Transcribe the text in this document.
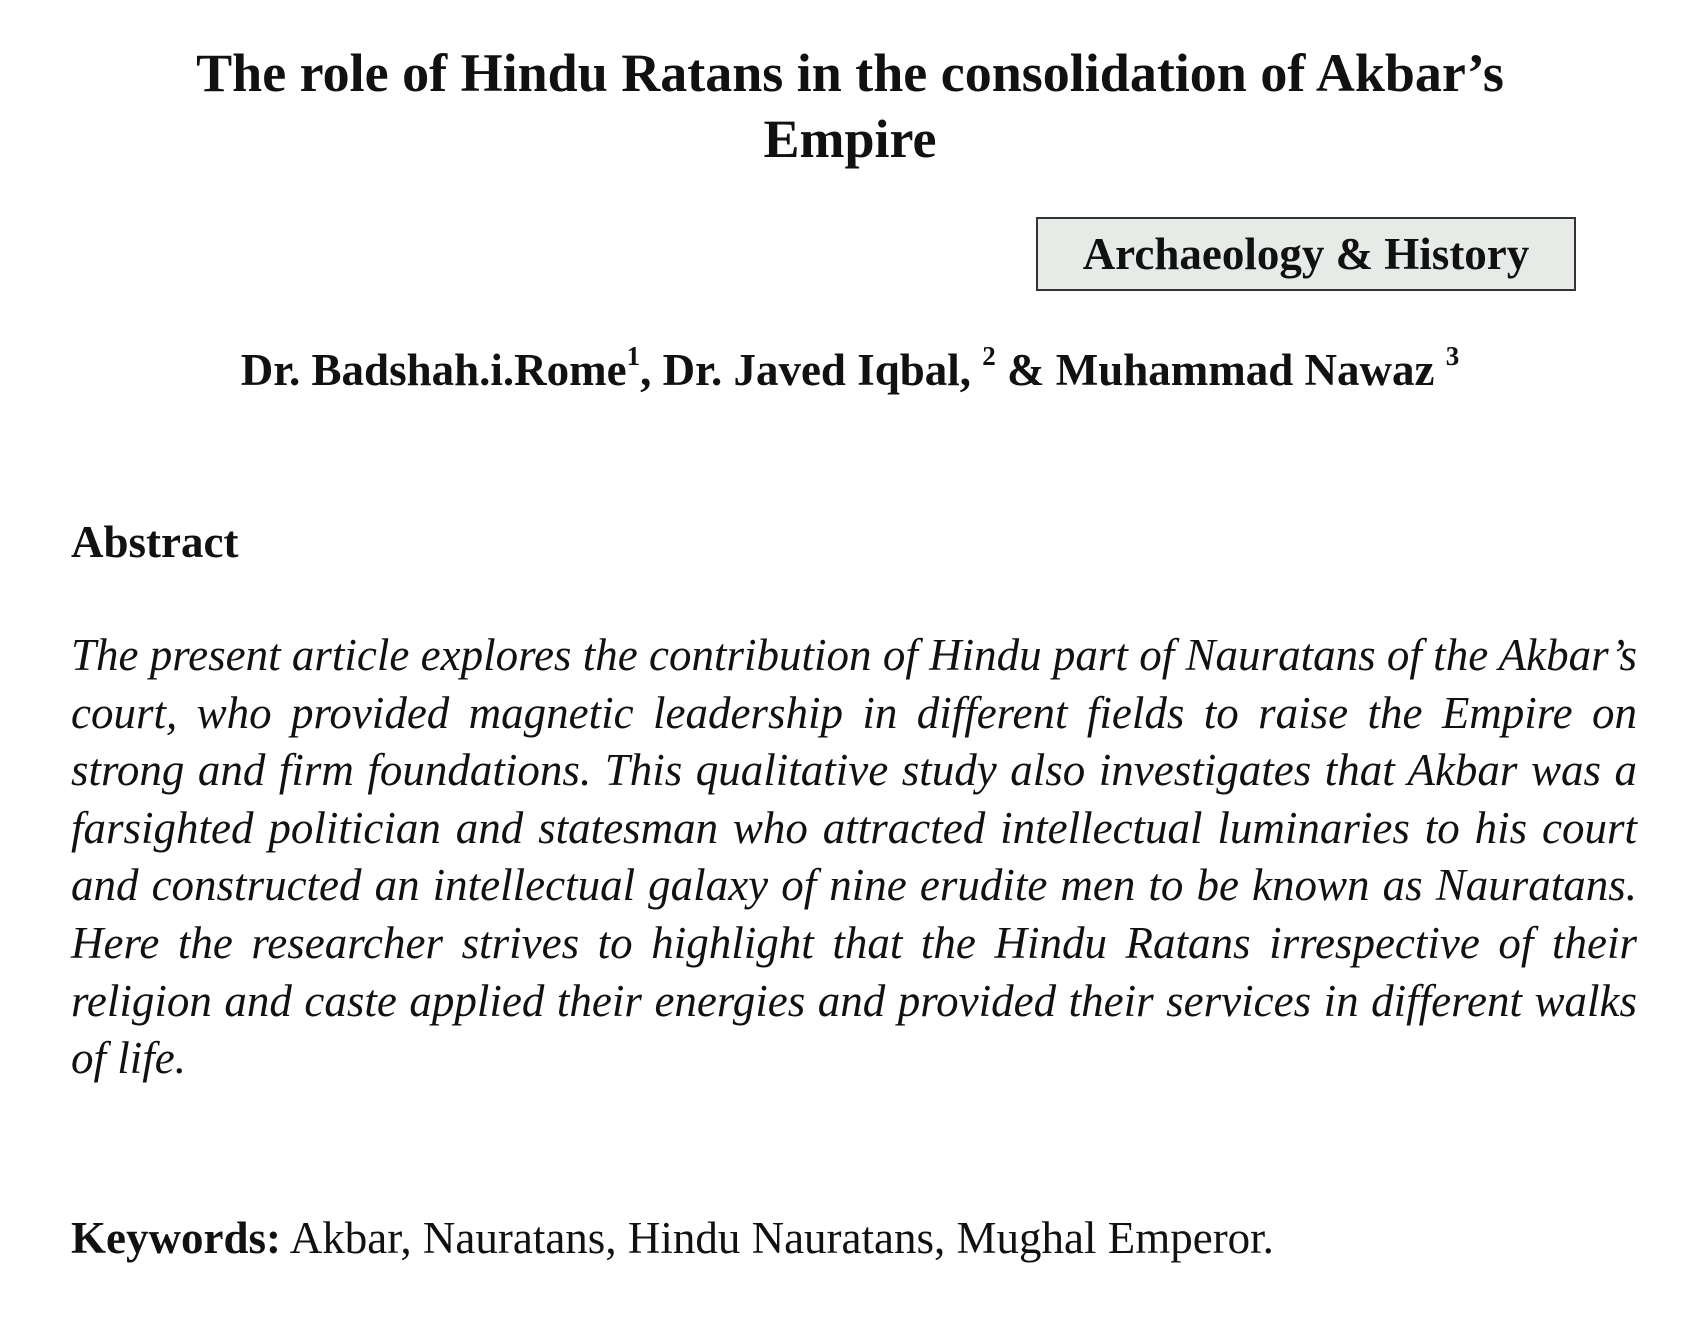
The role of Hindu Ratans in the consolidation of Akbar’s
Empire
Archaeology & History
Dr. Badshah.i.Rome$^1$, Dr. Javed Iqbal, $^2$ & Muhammad Nawaz $^3$
Abstract

The present article explores the contribution of Hindu part of Nauratans of the Akbar’s court, who provided magnetic leadership in different fields to raise the Empire on strong and firm foundations. This qualitative study also investigates that Akbar was a farsighted politician and statesman who attracted intellectual luminaries to his court and constructed an intellectual galaxy of nine erudite men to be known as Nauratans. Here the researcher strives to highlight that the Hindu Ratans irrespective of their religion and caste applied their energies and provided their services in different walks of life.

Keywords: Akbar, Nauratans, Hindu Nauratans, Mughal Emperor.
